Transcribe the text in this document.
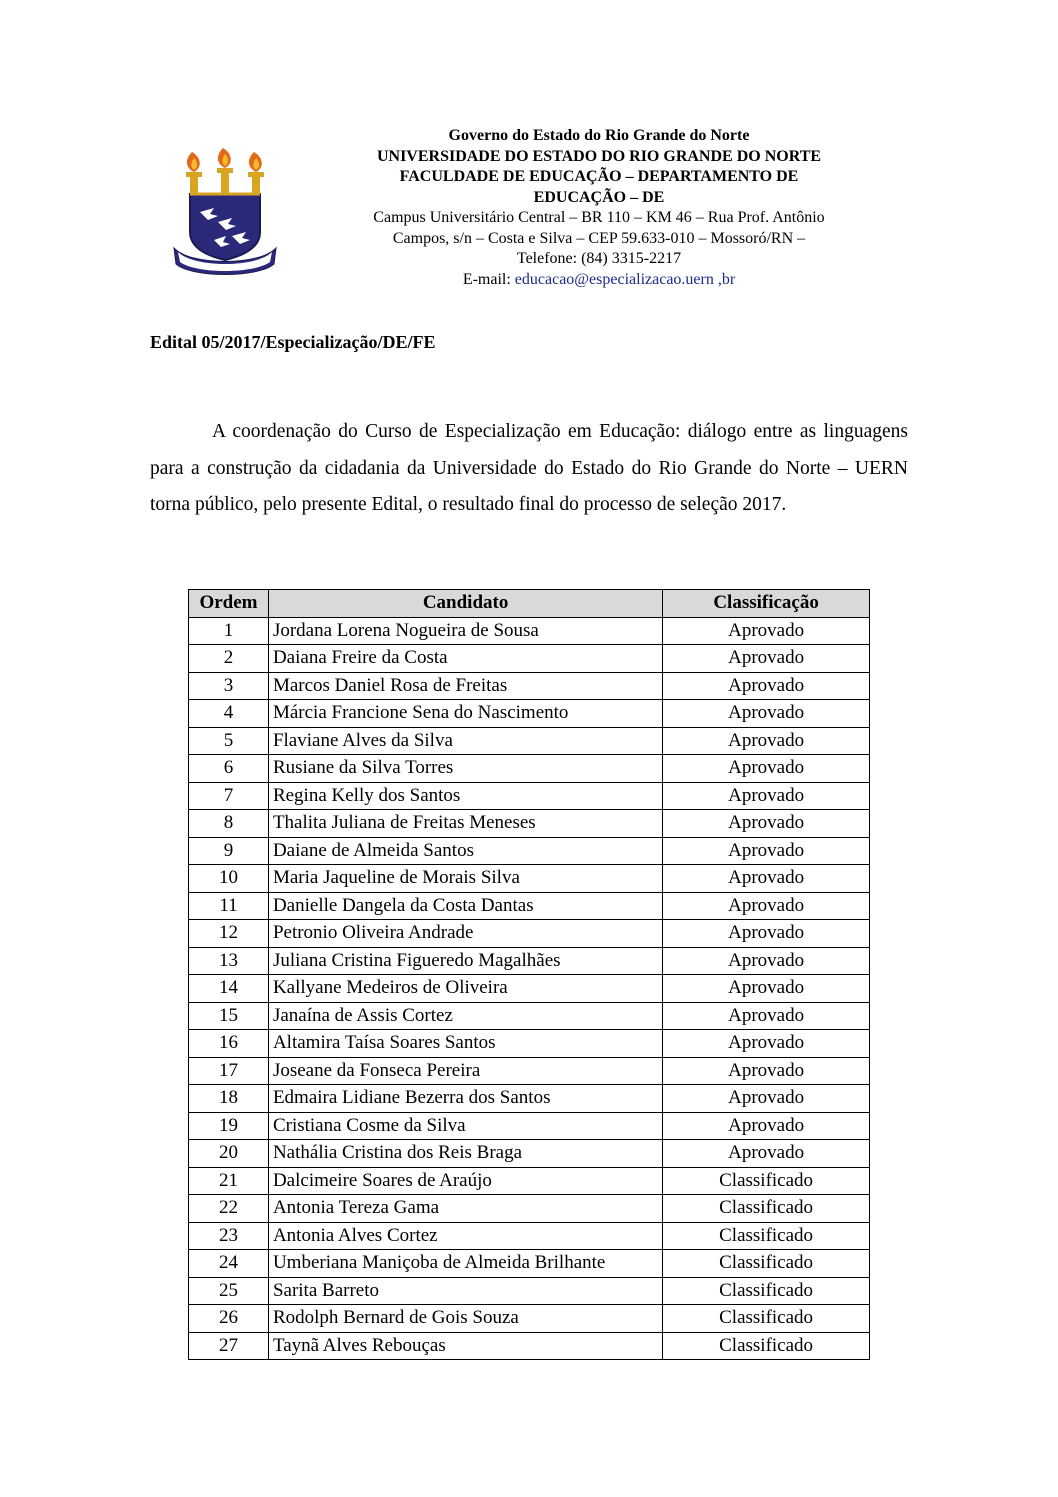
Governo do Estado do Rio Grande do Norte
UNIVERSIDADE DO ESTADO DO RIO GRANDE DO NORTE
FACULDADE DE EDUCAÇÃO – DEPARTAMENTO DE
EDUCAÇÃO – DE
Campus Universitário Central – BR 110 – KM 46 – Rua Prof. Antônio
Campos, s/n – Costa e Silva – CEP 59.633-010 – Mossoró/RN –
Telefone: (84) 3315-2217
E-mail: educacao@especializacao.uern ,br
Edital 05/2017/Especialização/DE/FE

A coordenação do Curso de Especialização em Educação: diálogo entre as linguagens para a construção da cidadania da Universidade do Estado do Rio Grande do Norte – UERN torna público, pelo presente Edital, o resultado final do processo de seleção 2017.

Ordem	Candidato	Classificação
1	Jordana Lorena Nogueira de Sousa	Aprovado
2	Daiana Freire da Costa	Aprovado
3	Marcos Daniel Rosa de Freitas	Aprovado
4	Márcia Francione Sena do Nascimento	Aprovado
5	Flaviane Alves da Silva	Aprovado
6	Rusiane da Silva Torres	Aprovado
7	Regina Kelly dos Santos	Aprovado
8	Thalita Juliana de Freitas Meneses	Aprovado
9	Daiane de Almeida Santos	Aprovado
10	Maria Jaqueline de Morais Silva	Aprovado
11	Danielle Dangela da Costa Dantas	Aprovado
12	Petronio Oliveira Andrade	Aprovado
13	Juliana Cristina Figueredo Magalhães	Aprovado
14	Kallyane Medeiros de Oliveira	Aprovado
15	Janaína de Assis Cortez	Aprovado
16	Altamira Taísa Soares Santos	Aprovado
17	Joseane da Fonseca Pereira	Aprovado
18	Edmaira Lidiane Bezerra dos Santos	Aprovado
19	Cristiana Cosme da Silva	Aprovado
20	Nathália Cristina dos Reis Braga	Aprovado
21	Dalcimeire Soares de Araújo	Classificado
22	Antonia Tereza Gama	Classificado
23	Antonia Alves Cortez	Classificado
24	Umberiana Maniçoba de Almeida Brilhante	Classificado
25	Sarita Barreto	Classificado
26	Rodolph Bernard de Gois Souza	Classificado
27	Taynã Alves Rebouças	Classificado
